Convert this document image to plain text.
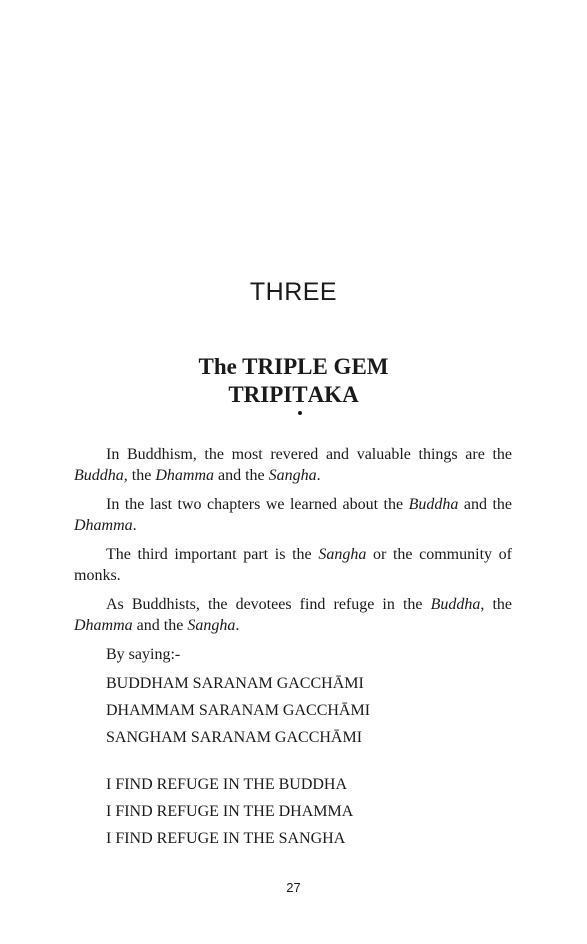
THREE
The TRIPLE GEM
TRIPITAKA

In Buddhism, the most revered and valuable things are the Buddha, the Dhamma and the Sangha.

In the last two chapters we learned about the Buddha and the Dhamma.

The third important part is the Sangha or the community of monks.

As Buddhists, the devotees find refuge in the Buddha, the Dhamma and the Sangha.

By saying:-

BUDDHAM SARANAM GACCHĀMI
DHAMMAM SARANAM GACCHĀMI
SANGHAM SARANAM GACCHĀMI
I FIND REFUGE IN THE BUDDHA
I FIND REFUGE IN THE DHAMMA
I FIND REFUGE IN THE SANGHA
27
